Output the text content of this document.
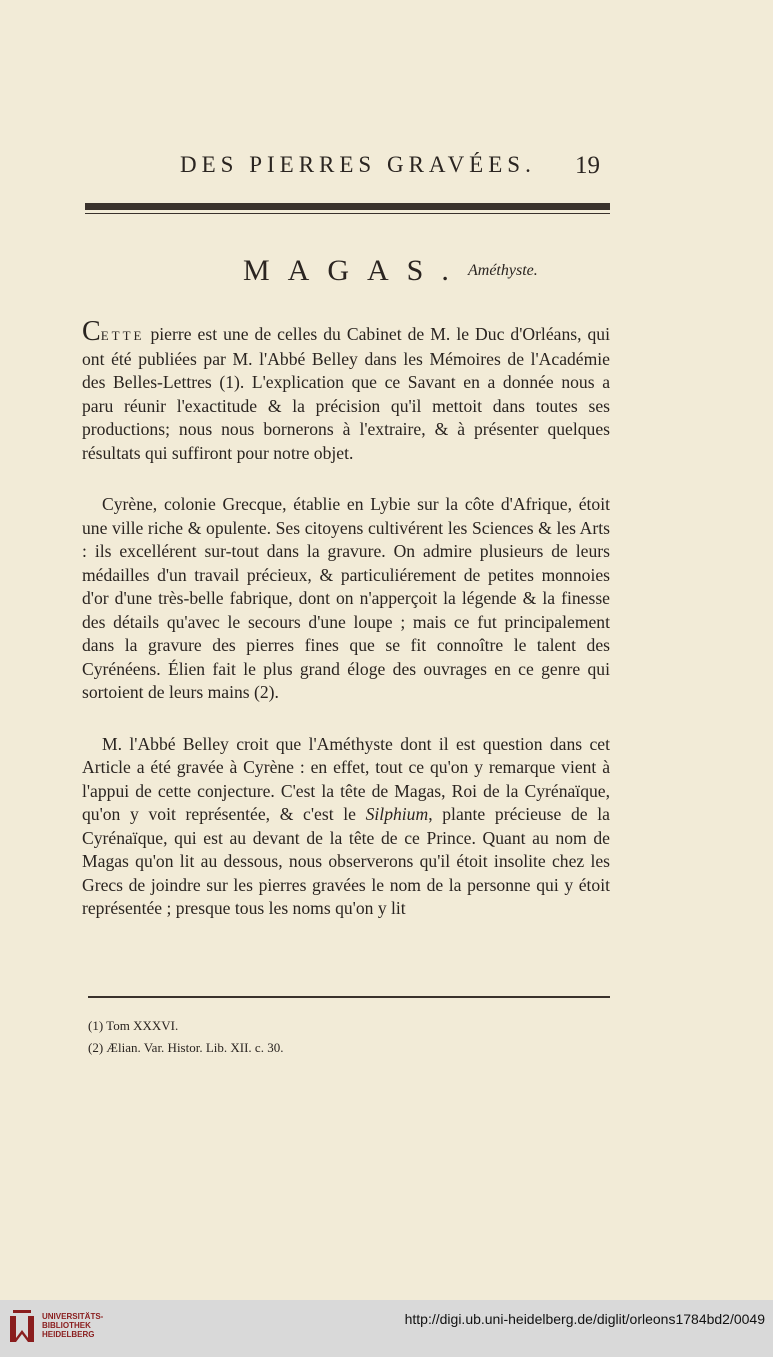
DES PIERRES GRAVÉES. 19
MAGAS. Améthyste.

CETTE pierre est une de celles du Cabinet de M. le Duc d'Orléans, qui ont été publiées par M. l'Abbé Belley dans les Mémoires de l'Académie des Belles-Lettres (1). L'explication que ce Savant en a donnée nous a paru réunir l'exactitude & la précision qu'il mettoit dans toutes ses productions; nous nous bornerons à l'extraire, & à présenter quelques résultats qui suffiront pour notre objet.

Cyrène, colonie Grecque, établie en Lybie sur la côte d'Afrique, étoit une ville riche & opulente. Ses citoyens cultivérent les Sciences & les Arts : ils excellérent sur-tout dans la gravure. On admire plusieurs de leurs médailles d'un travail précieux, & particuliérement de petites monnoies d'or d'une très-belle fabrique, dont on n'apperçoit la légende & la finesse des détails qu'avec le secours d'une loupe ; mais ce fut principalement dans la gravure des pierres fines que se fit connoître le talent des Cyrénéens. Élien fait le plus grand éloge des ouvrages en ce genre qui sortoient de leurs mains (2).

M. l'Abbé Belley croit que l'Améthyste dont il est question dans cet Article a été gravée à Cyrène : en effet, tout ce qu'on y remarque vient à l'appui de cette conjecture. C'est la tête de Magas, Roi de la Cyrénaïque, qu'on y voit représentée, & c'est le Silphium, plante précieuse de la Cyrénaïque, qui est au devant de la tête de ce Prince. Quant au nom de Magas qu'on lit au dessous, nous observerons qu'il étoit insolite chez les Grecs de joindre sur les pierres gravées le nom de la personne qui y étoit représentée ; presque tous les noms qu'on y lit

(1) Tom XXXVI.
(2) Ælian. Var. Histor. Lib. XII. c. 30.
UNIVERSITÄTS-
BIBLIOTHEK
HEIDELBERG
http://digi.ub.uni-heidelberg.de/diglit/orleons1784bd2/0049
